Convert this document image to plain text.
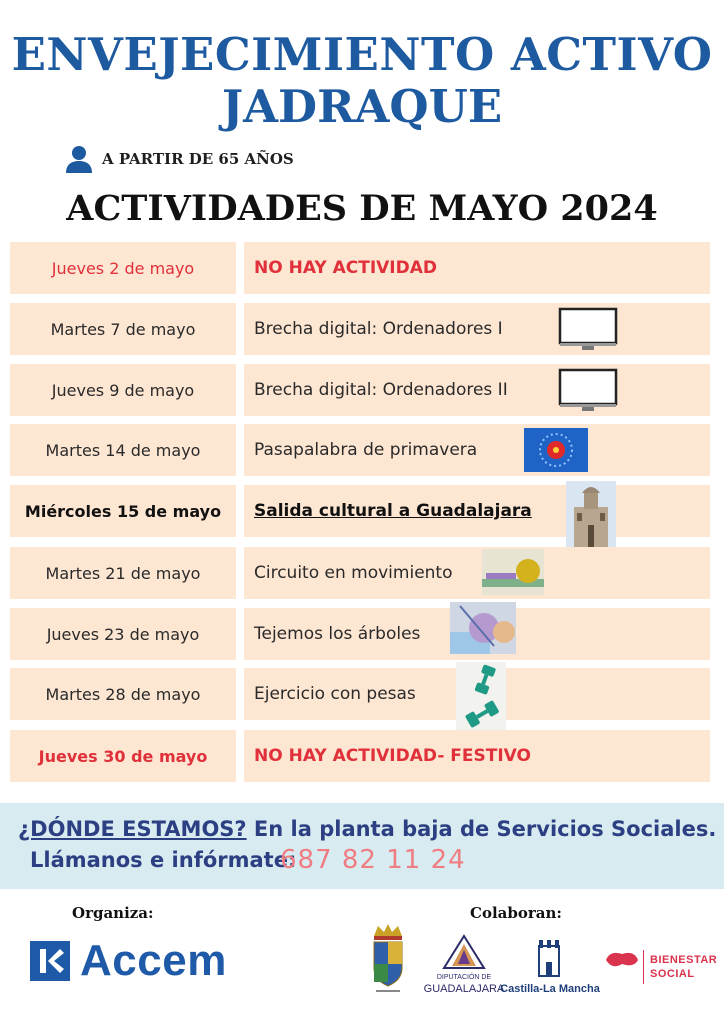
ENVEJECIMIENTO ACTIVO
JADRAQUE
A PARTIR DE 65 AÑOS
ACTIVIDADES DE MAYO 2024
Jueves 2 de mayo	NO HAY ACTIVIDAD
Martes 7 de mayo	Brecha digital: Ordenadores I
Jueves 9 de mayo	Brecha digital: Ordenadores II
Martes 14 de mayo	Pasapalabra de primavera
Miércoles 15 de mayo	Salida cultural a Guadalajara
Martes 21 de mayo	Circuito en movimiento
Jueves 23 de mayo	Tejemos los árboles
Martes 28 de mayo	Ejercicio con pesas
Jueves 30 de mayo	NO HAY ACTIVIDAD- FESTIVO
¿DÓNDE ESTAMOS? En la planta baja de Servicios Sociales.
Llámanos e infórmate:
687 82 11 24
Organiza:	Colaboran:
Accem	DIPUTACIÓN DE
GUADALAJARA
Castilla-La Mancha
BIENESTAR
SOCIAL
